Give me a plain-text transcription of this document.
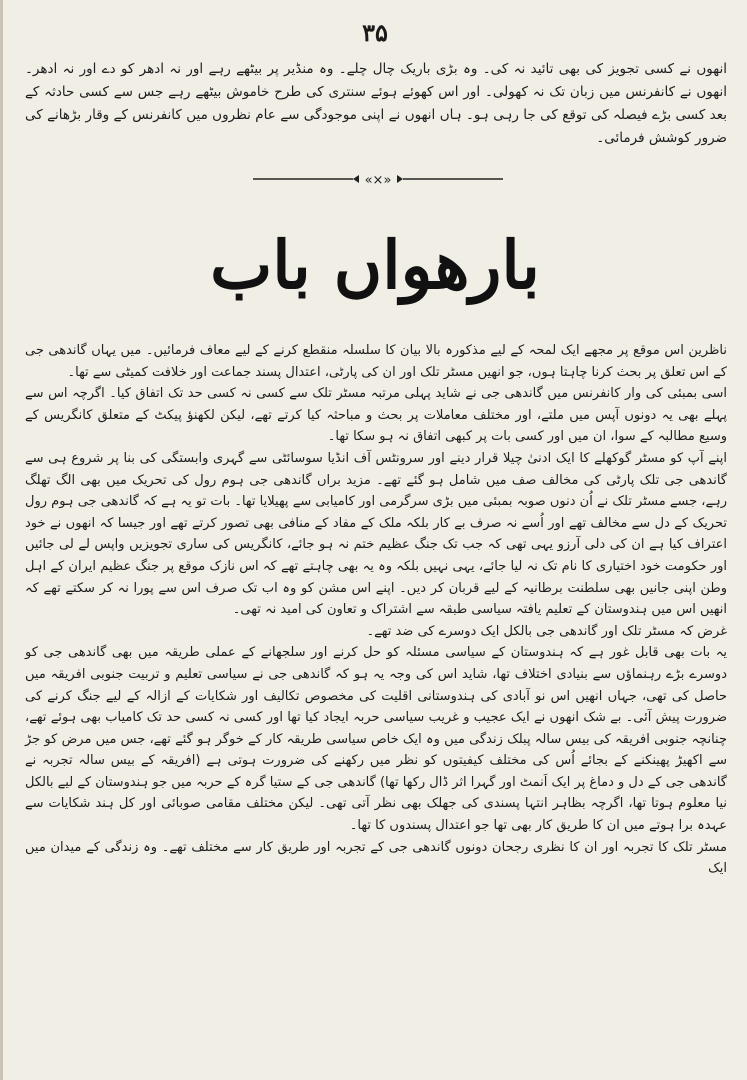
۳۵
انھوں نے کسی تجویز کی بھی تائید نہ کی۔ وہ بڑی باریک چال چلے۔ وہ منڈیر پر بیٹھے رہے اور نہ ادھر کو دے اور نہ ادھر۔ انھوں نے کانفرنس میں زبان تک نہ کھولی۔ اور اس کھوئے ہوئے سنتری کی طرح خاموش بیٹھے رہے جس سے کسی حادثہ کے بعد کسی بڑے فیصلہ کی توقع کی جا رہی ہو۔ ہاں انھوں نے اپنی موجودگی سے عام نظروں میں کانفرنس کے وقار بڑھانے کی ضرور کوشش فرمائی۔
«×»
بارھواں باب

ناظرین اس موقع پر مجھے ایک لمحہ کے لیے مذکورہ بالا بیان کا سلسلہ منقطع کرنے کے لیے معاف فرمائیں۔ میں یہاں گاندھی جی کے اس تعلق پر بحث کرنا چاہتا ہوں، جو انھیں مسٹر تلک اور ان کی پارٹی، اعتدال پسند جماعت اور خلافت کمیٹی سے تھا۔

اسی بمبئی کی وار کانفرنس میں گاندھی جی نے شاید پہلی مرتبہ مسٹر تلک سے کسی نہ کسی حد تک اتفاق کیا۔ اگرچہ اس سے پہلے بھی یہ دونوں آپس میں ملتے، اور مختلف معاملات پر بحث و مباحثہ کیا کرتے تھے، لیکن لکھنؤ پیکٹ کے متعلق کانگریس کے وسیع مطالبہ کے سوا، ان میں اور کسی بات پر کبھی اتفاق نہ ہو سکا تھا۔

اپنے آپ کو مسٹر گوکھلے کا ایک ادنیٰ چیلا قرار دینے اور سرونٹس آف انڈیا سوسائٹی سے گہری وابستگی کی بنا پر شروع ہی سے گاندھی جی تلک پارٹی کی مخالف صف میں شامل ہو گئے تھے۔ مزید براں گاندھی جی ہوم رول کی تحریک میں بھی الگ تھلگ رہے، جسے مسٹر تلک نے اُن دنوں صوبہ بمبئی میں بڑی سرگرمی اور کامیابی سے پھیلایا تھا۔ بات تو یہ ہے کہ گاندھی جی ہوم رول تحریک کے دل سے مخالف تھے اور اُسے نہ صرف بے کار بلکہ ملک کے مفاد کے منافی بھی تصور کرتے تھے اور جیسا کہ انھوں نے خود اعتراف کیا ہے ان کی دلی آرزو یہی تھی کہ جب تک جنگ عظیم ختم نہ ہو جائے، کانگریس کی ساری تجویزیں واپس لے لی جائیں اور حکومت خود اختیاری کا نام تک نہ لیا جائے، یہی نہیں بلکہ وہ یہ بھی چاہتے تھے کہ اس نازک موقع پر جنگ عظیم ایران کے اہل وطن اپنی جانیں بھی سلطنت برطانیہ کے لیے قربان کر دیں۔ اپنے اس مشن کو وہ اب تک صرف اس سے پورا نہ کر سکتے تھے کہ انھیں اس میں ہندوستان کے تعلیم یافتہ سیاسی طبقہ سے اشتراک و تعاون کی امید نہ تھی۔

غرض کہ مسٹر تلک اور گاندھی جی بالکل ایک دوسرے کی ضد تھے۔

یہ بات بھی قابل غور ہے کہ ہندوستان کے سیاسی مسئلہ کو حل کرنے اور سلجھانے کے عملی طریقہ میں بھی گاندھی جی کو دوسرے بڑے رہنماؤں سے بنیادی اختلاف تھا، شاید اس کی وجہ یہ ہو کہ گاندھی جی نے سیاسی تعلیم و تربیت جنوبی افریقہ میں حاصل کی تھی، جہاں انھیں اس نو آبادی کی ہندوستانی اقلیت کی مخصوص تکالیف اور شکایات کے ازالہ کے لیے جنگ کرنے کی ضرورت پیش آئی۔ بے شک انھوں نے ایک عجیب و غریب سیاسی حربہ ایجاد کیا تھا اور کسی نہ کسی حد تک کامیاب بھی ہوئے تھے، چنانچہ جنوبی افریقہ کی بیس سالہ پبلک زندگی میں وہ ایک خاص سیاسی طریقہ کار کے خوگر ہو گئے تھے، جس میں مرض کو جڑ سے اکھیڑ پھینکنے کے بجائے اُس کی مختلف کیفیتوں کو نظر میں رکھنے کی ضرورت ہوتی ہے (افریقہ کے بیس سالہ تجربہ نے گاندھی جی کے دل و دماغ پر ایک اَنمٹ اور گہرا اثر ڈال رکھا تھا) گاندھی جی کے ستیا گرہ کے حربہ میں جو ہندوستان کے لیے بالکل نیا معلوم ہوتا تھا، اگرچہ بظاہر انتہا پسندی کی جھلک بھی نظر آتی تھی۔ لیکن مختلف مقامی صوبائی اور کل ہند شکایات سے عہدہ برا ہوتے میں ان کا طریق کار بھی تھا جو اعتدال پسندوں کا تھا۔

مسٹر تلک کا تجربہ اور ان کا نظری رجحان دونوں گاندھی جی کے تجربہ اور طریق کار سے مختلف تھے۔ وہ زندگی کے میدان میں ایک
